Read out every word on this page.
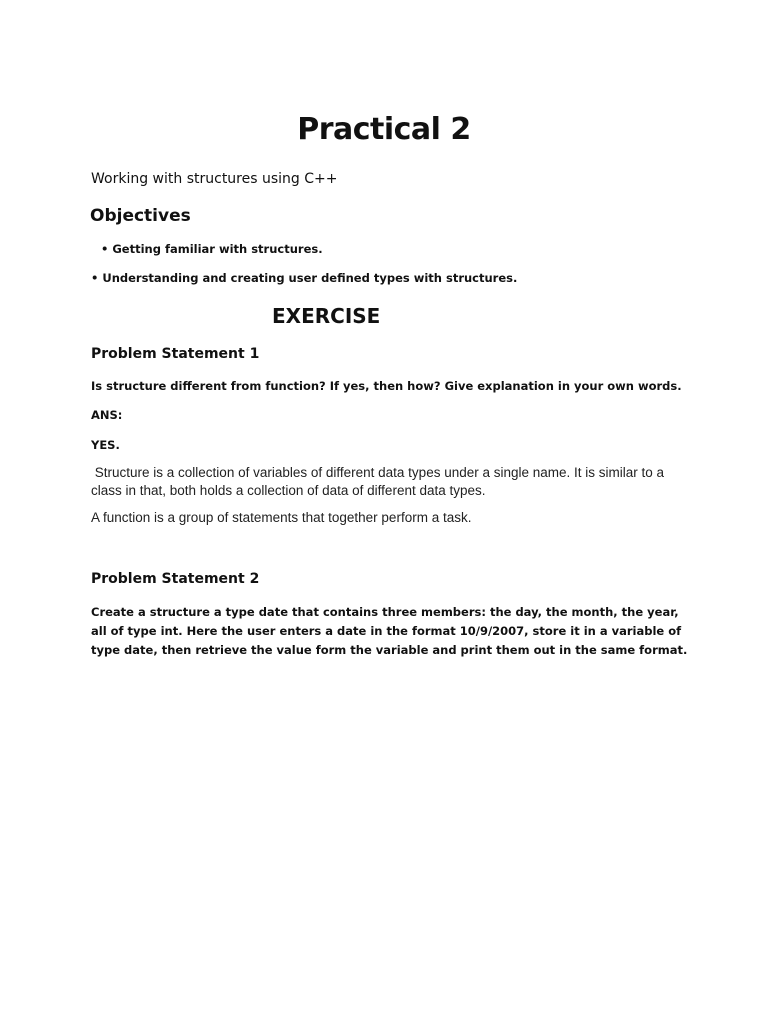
Practical 2

Working with structures using C++

Objectives

• Getting familiar with structures.

• Understanding and creating user defined types with structures.

EXERCISE
Problem Statement 1

Is structure different from function? If yes, then how? Give explanation in your own words.

ANS:

YES.

Structure is a collection of variables of different data types under a single name. It is similar to a class in that, both holds a collection of data of different data types.

A function is a group of statements that together perform a task.

Problem Statement 2

Create a structure a type date that contains three members: the day, the month, the year, all of type int. Here the user enters a date in the format 10/9/2007, store it in a variable of type date, then retrieve the value form the variable and print them out in the same format.
